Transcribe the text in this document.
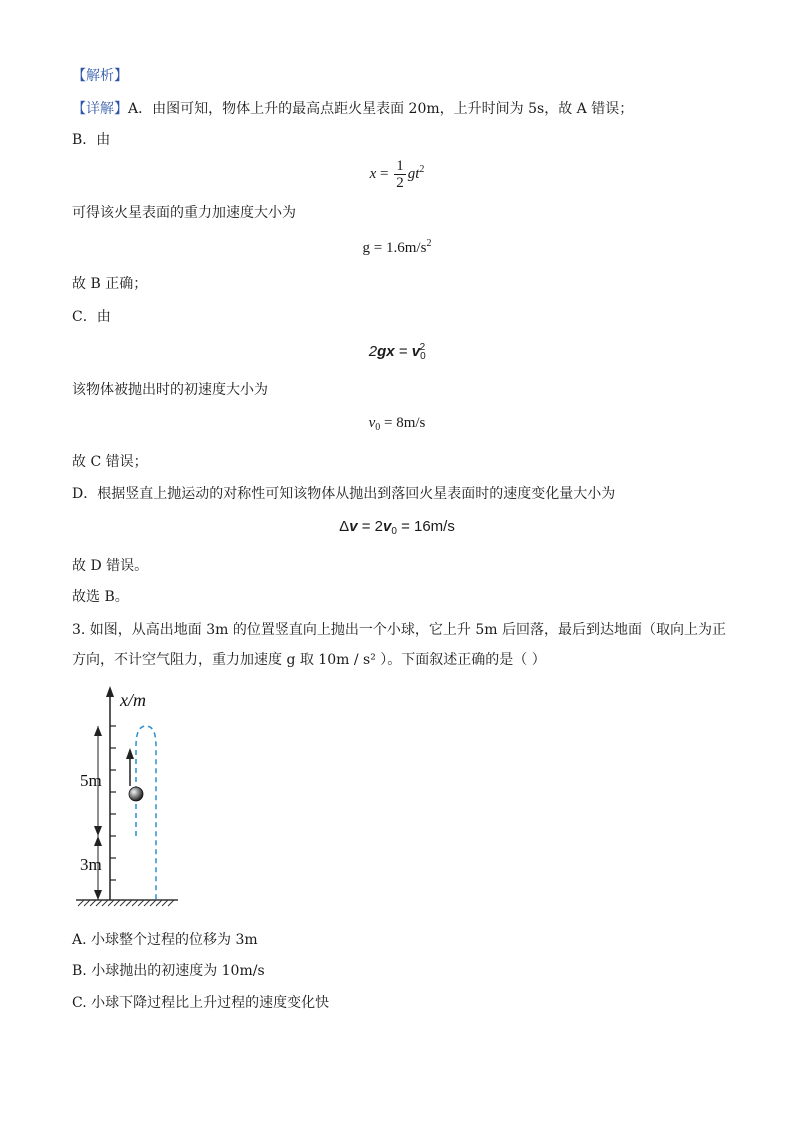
【解析】
【详解】A．由图可知，物体上升的最高点距火星表面 20m，上升时间为 5s，故 A 错误；
B．由
$x = \frac{1}{2} gt^2$
可得该火星表面的重力加速度大小为
$g = 1.6m/s^2$
故 B 正确；
C．由
$2gx = v_0^2$
该物体被抛出时的初速度大小为
$v_0 = 8m/s$
故 C 错误；
D．根据竖直上抛运动的对称性可知该物体从抛出到落回火星表面时的速度变化量大小为
$\Delta v = 2v_0 = 16m/s$
故 D 错误。
故选 B。
3. 如图，从高出地面 3m 的位置竖直向上抛出一个小球，它上升 5m 后回落，最后到达地面（取向上为正
方向，不计空气阻力，重力加速度 g 取 10m / s² ）。下面叙述正确的是（ ）
x/m
5m
3m
A. 小球整个过程的位移为 3m
B. 小球抛出的初速度为 10m/s
C. 小球下降过程比上升过程的速度变化快
